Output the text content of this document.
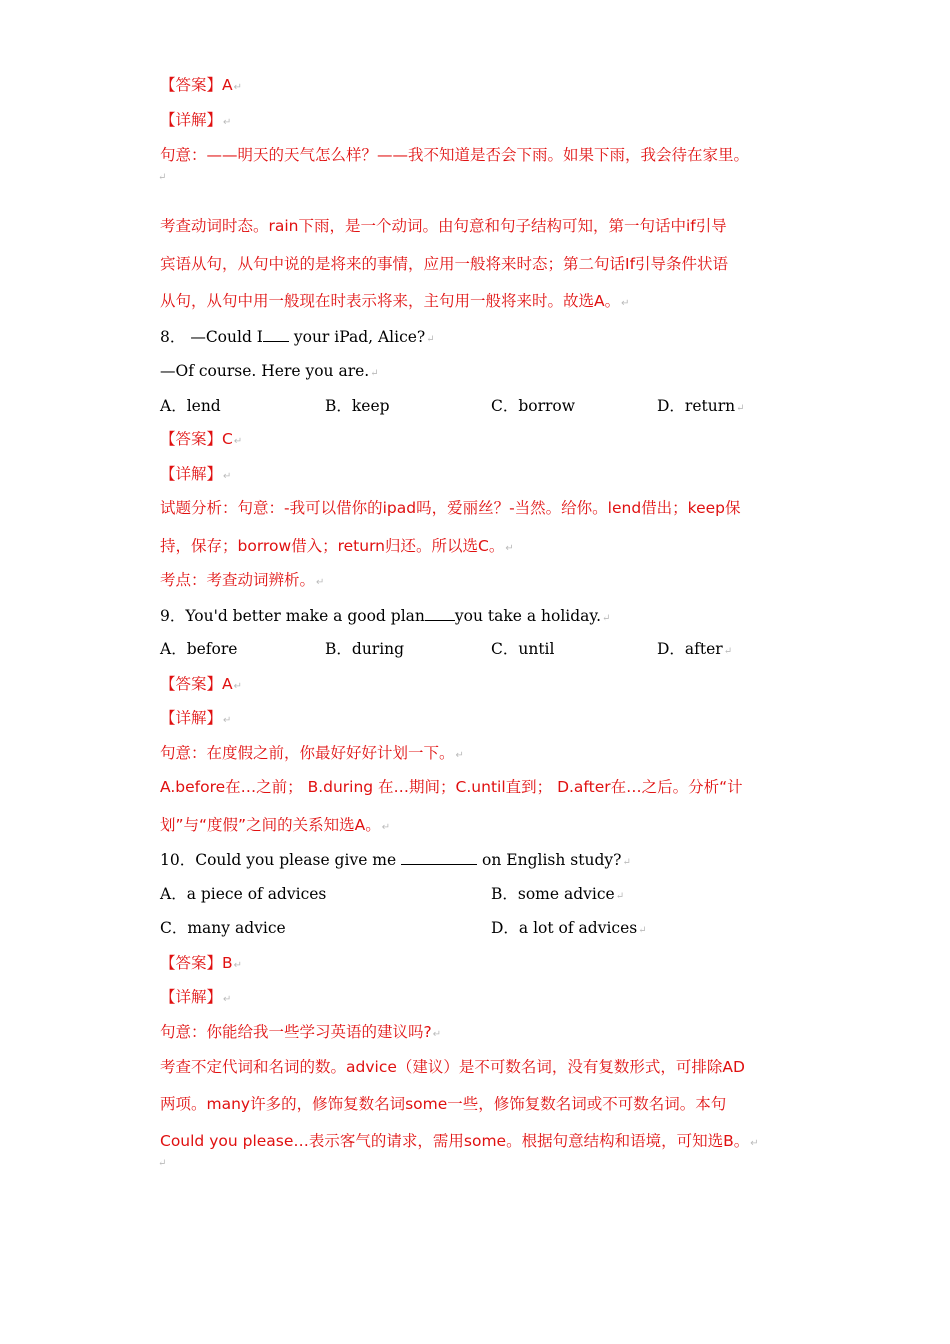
【答案】A↵
【详解】↵
句意：——明天的天气怎么样？——我不知道是否会下雨。如果下雨，我会待在家里。
↵
考查动词时态。rain下雨，是一个动词。由句意和句子结构可知，第一句话中if引导
宾语从句，从句中说的是将来的事情，应用一般将来时态；第二句话If引导条件状语
从句，从句中用一般现在时表示将来，主句用一般将来时。故选A。↵
8． —Could I your iPad, Alice?↵
—Of course. Here you are.↵
A．lend	B．keep	C．borrow	D．return↵
【答案】C↵
【详解】↵
试题分析：句意：-我可以借你的ipad吗，爱丽丝？-当然。给你。lend借出；keep保
持，保存；borrow借入；return归还。所以选C。↵
考点：考查动词辨析。↵
9．You'd better make a good plan you take a holiday.↵
A．before	B．during	C．until	D．after↵
【答案】A↵
【详解】↵
句意：在度假之前，你最好好好计划一下。↵
A.before在…之前； B.during 在…期间；C.until直到； D.after在…之后。分析“计
划”与“度假”之间的关系知选A。↵
10．Could you please give me	on English study?↵
A．a piece of advices	B．some advice↵
C．many advice	D．a lot of advices↵
【答案】B↵
【详解】↵
句意：你能给我一些学习英语的建议吗?↵
考查不定代词和名词的数。advice（建议）是不可数名词，没有复数形式，可排除AD
两项。many许多的，修饰复数名词some一些，修饰复数名词或不可数名词。本句
Could you please…表示客气的请求，需用some。根据句意结构和语境，可知选B。↵
↵
